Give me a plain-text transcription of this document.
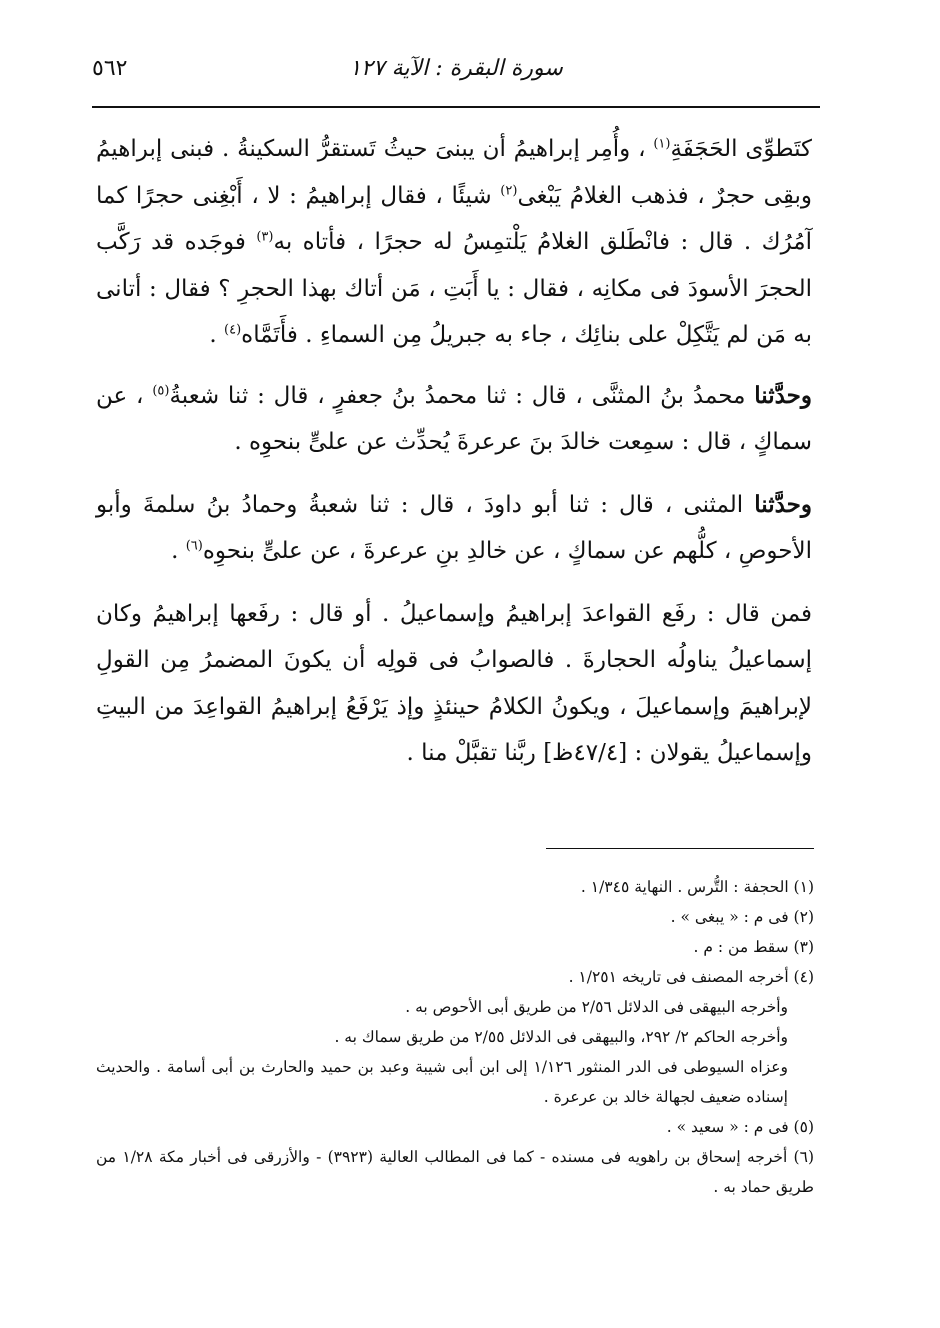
٥٦٢	سورة البقرة : الآية ١٢٧

كتَطوِّى الحَجَفَةِ$^{(١)}$ ، وأُمِر إبراهيمُ أن يبنىَ حيثُ تَستقرُّ السكينةُ . فبنى إبراهيمُ وبقِى حجرٌ ، فذهب الغلامُ يَبْغى$^{(٢)}$ شيئًا ، فقال إبراهيمُ : لا ، أَبْغِنى حجرًا كما آمُرُك . قال : فانْطَلق الغلامُ يَلْتمِسُ له حجرًا ، فأتاه به$^{(٣)}$ فوجَده قد رَكَّب الحجرَ الأسودَ فى مكانِه ، فقال : يا أَبَتِ ، مَن أتاك بهذا الحجرِ ؟ فقال : أتانى به مَن لم يَتَّكِلْ على بنائِك ، جاء به جبريلُ مِن السماءِ . فأَتَمَّاه$^{(٤)}$ .

وحدَّثنا محمدُ بنُ المثنَّى ، قال : ثنا محمدُ بنُ جعفرٍ ، قال : ثنا شعبةُ$^{(٥)}$ ، عن سماكٍ ، قال : سمِعت خالدَ بنَ عرعرةَ يُحدِّث عن علىٍّ بنحوِه .

وحدَّثنا المثنى ، قال : ثنا أبو داودَ ، قال : ثنا شعبةُ وحمادُ بنُ سلمةَ وأبو الأحوصِ ، كلُّهم عن سماكٍ ، عن خالدِ بنِ عرعرةَ ، عن علىٍّ بنحوِه$^{(٦)}$ .

فمن قال : رفَع القواعدَ إبراهيمُ وإسماعيلُ . أو قال : رفَعها إبراهيمُ وكان إسماعيلُ يناولُه الحجارةَ . فالصوابُ فى قولِه أن يكونَ المضمرُ مِن القولِ لإبراهيمَ وإسماعيلَ ، ويكونُ الكلامُ حينئذٍ وإذ يَرْفَعُ إبراهيمُ القواعِدَ من البيتِ وإسماعيلُ يقولان : [٤٧/٤ظ] ربَّنا تقبَّلْ منا .

(١) الحجفة : التُّرس . النهاية ١/٣٤٥ .

(٢) فى م : « يبغى » .

(٣) سقط من : م .

(٤) أخرجه المصنف فى تاريخه ١/٢٥١ .

وأخرجه البيهقى فى الدلائل ٢/٥٦ من طريق أبى الأحوص به .

وأخرجه الحاكم ٢/ ٢٩٢، والبيهقى فى الدلائل ٢/٥٥ من طريق سماك به .

وعزاه السيوطى فى الدر المنثور ١/١٢٦ إلى ابن أبى شيبة وعبد بن حميد والحارث بن أبى أسامة . والحديث إسناده ضعيف لجهالة خالد بن عرعرة .

(٥) فى م : « سعيد » .

(٦) أخرجه إسحاق بن راهويه فى مسنده - كما فى المطالب العالية (٣٩٢٣) - والأزرقى فى أخبار مكة ١/٢٨ من طريق حماد به .
